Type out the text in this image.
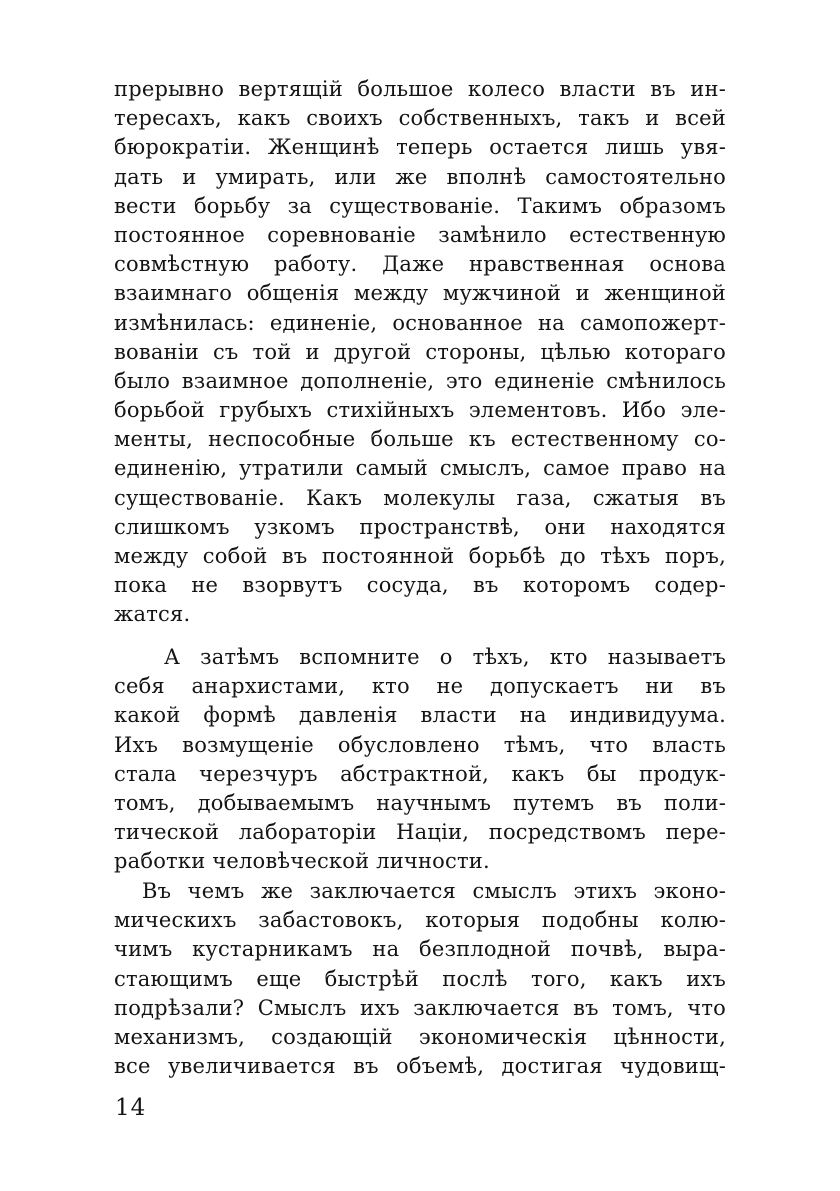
прерывно вертящій большое колесо власти въ ин-
тересахъ, какъ своихъ собственныхъ, такъ и всей
бюрократіи. Женщинѣ теперь остается лишь увя-
дать и умирать, или же вполнѣ самостоятельно
вести борьбу за существованіе. Такимъ образомъ
постоянное соревнованіе замѣнило естественную
совмѣстную работу. Даже нравственная основа
взаимнаго общенія между мужчиной и женщиной
измѣнилась: единеніе, основанное на самопожерт-
вованіи съ той и другой стороны, цѣлью котораго
было взаимное дополненіе, это единеніе смѣнилось
борьбой грубыхъ стихійныхъ элементовъ. Ибо эле-
менты, неспособные больше къ естественному со-
единенію, утратили самый смыслъ, самое право на
существованіе. Какъ молекулы газа, сжатыя въ
слишкомъ узкомъ пространствѣ, они находятся
между собой въ постоянной борьбѣ до тѣхъ поръ,
пока не взорвутъ сосуда, въ которомъ содер-
жатся.
А затѣмъ вспомните о тѣхъ, кто называетъ
себя анархистами, кто не допускаетъ ни въ
какой формѣ давленія власти на индивидуума.
Ихъ возмущеніе обусловлено тѣмъ, что власть
стала черезчуръ абстрактной, какъ бы продук-
томъ, добываемымъ научнымъ путемъ въ поли-
тической лабораторіи Націи, посредствомъ пере-
работки человѣческой личности.
Въ чемъ же заключается смыслъ этихъ эконо-
мическихъ забастовокъ, которыя подобны колю-
чимъ кустарникамъ на безплодной почвѣ, выра-
стающимъ еще быстрѣй послѣ того, какъ ихъ
подрѣзали? Смыслъ ихъ заключается въ томъ, что
механизмъ, создающій экономическія цѣнности,
все увеличивается въ объемѣ, достигая чудовищ-
14
